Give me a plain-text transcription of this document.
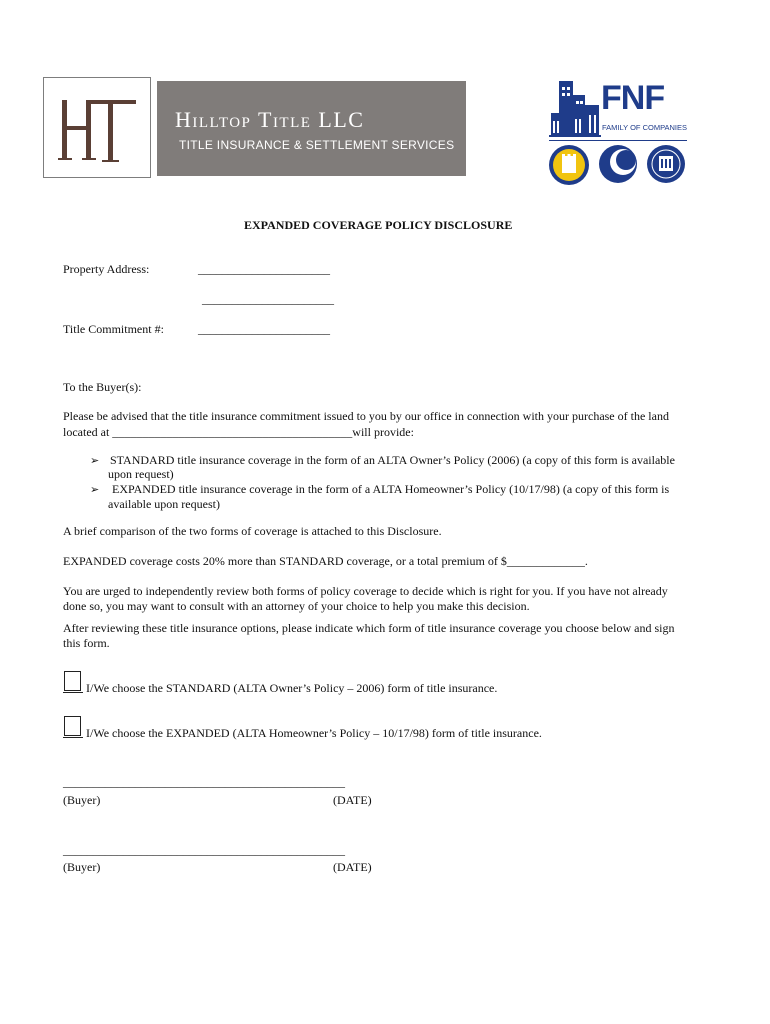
Hilltop Title LLC
TITLE INSURANCE & SETTLEMENT SERVICES
FNF
FAMILY OF COMPANIES
EXPANDED COVERAGE POLICY DISCLOSURE
Property Address:	______________________
______________________
Title Commitment #:	______________________
To the Buyer(s):
Please be advised that the title insurance commitment issued to you by our office in connection with your purchase of the land
located at ________________________________________will provide:
➢ STANDARD title insurance coverage in the form of an ALTA Owner’s Policy (2006) (a copy of this form is available
upon request)
➢ EXPANDED title insurance coverage in the form of a ALTA Homeowner’s Policy (10/17/98) (a copy of this form is
available upon request)
A brief comparison of the two forms of coverage is attached to this Disclosure.
EXPANDED coverage costs 20% more than STANDARD coverage, or a total premium of $_____________.
You are urged to independently review both forms of policy coverage to decide which is right for you. If you have not already
done so, you may want to consult with an attorney of your choice to help you make this decision.
After reviewing these title insurance options, please indicate which form of title insurance coverage you choose below and sign
this form.
I/We choose the STANDARD (ALTA Owner’s Policy – 2006) form of title insurance.
I/We choose the EXPANDED (ALTA Homeowner’s Policy – 10/17/98) form of title insurance.
_______________________________________________
(Buyer)	(DATE)
_______________________________________________
(Buyer)	(DATE)
